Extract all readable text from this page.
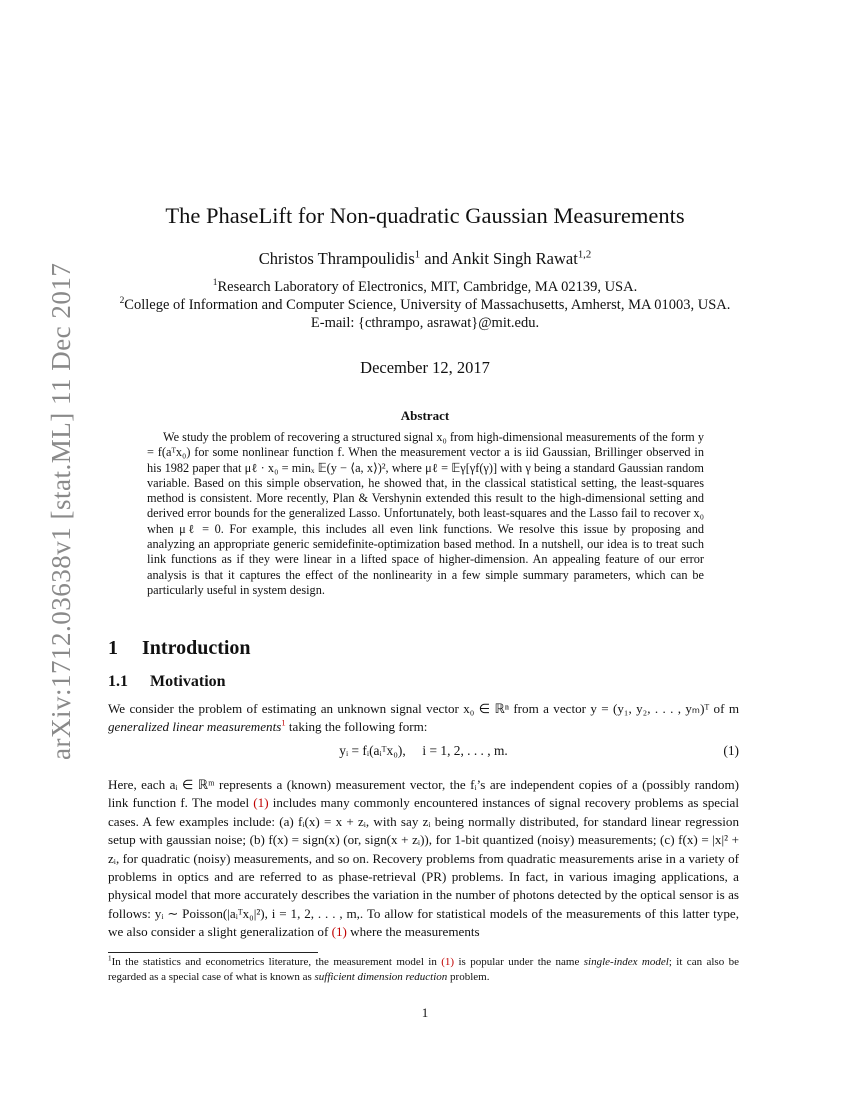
arXiv:1712.03638v1 [stat.ML] 11 Dec 2017
The PhaseLift for Non-quadratic Gaussian Measurements
Christos Thrampoulidis$^1$ and Ankit Singh Rawat$^{1,2}$
$^1$Research Laboratory of Electronics, MIT, Cambridge, MA 02139, USA.
$^2$College of Information and Computer Science, University of Massachusetts, Amherst, MA 01003, USA.
E-mail: {cthrampo, asrawat}@mit.edu.
December 12, 2017
Abstract

We study the problem of recovering a structured signal x₀ from high-dimensional measurements of the form y = f(aᵀx₀) for some nonlinear function f. When the measurement vector a is iid Gaussian, Brillinger observed in his 1982 paper that μℓ · x₀ = minₓ 𝔼(y − ⟨a, x⟩)², where μℓ = 𝔼γ[γf(γ)] with γ being a standard Gaussian random variable. Based on this simple observation, he showed that, in the classical statistical setting, the least-squares method is consistent. More recently, Plan & Vershynin extended this result to the high-dimensional setting and derived error bounds for the generalized Lasso. Unfortunately, both least-squares and the Lasso fail to recover x₀ when μℓ = 0. For example, this includes all even link functions. We resolve this issue by proposing and analyzing an appropriate generic semidefinite-optimization based method. In a nutshell, our idea is to treat such link functions as if they were linear in a lifted space of higher-dimension. An appealing feature of our error analysis is that it captures the effect of the nonlinearity in a few simple summary parameters, which can be particularly useful in system design.

1 Introduction
1.1 Motivation

We consider the problem of estimating an unknown signal vector x₀ ∈ ℝⁿ from a vector y = (y₁, y₂, . . . , yₘ)ᵀ of m generalized linear measurements$^1$ taking the following form:

yᵢ = fᵢ(aᵢᵀx₀),     i = 1, 2, . . . , m.	(1)

Here, each aᵢ ∈ ℝᵐ represents a (known) measurement vector, the fᵢ’s are independent copies of a (possibly random) link function f. The model (1) includes many commonly encountered instances of signal recovery problems as special cases. A few examples include: (a) fᵢ(x) = x + zᵢ, with say zᵢ being normally distributed, for standard linear regression setup with gaussian noise; (b) f(x) = sign(x) (or, sign(x + zᵢ)), for 1-bit quantized (noisy) measurements; (c) f(x) = |x|² + zᵢ, for quadratic (noisy) measurements, and so on. Recovery problems from quadratic measurements arise in a variety of problems in optics and are referred to as phase-retrieval (PR) problems. In fact, in various imaging applications, a physical model that more accurately describes the variation in the number of photons detected by the optical sensor is as follows: yᵢ ∼ Poisson(|aᵢᵀx₀|²), i = 1, 2, . . . , m,. To allow for statistical models of the measurements of this latter type, we also consider a slight generalization of (1) where the measurements

$^1$In the statistics and econometrics literature, the measurement model in (1) is popular under the name single-index model; it can also be regarded as a special case of what is known as sufficient dimension reduction problem.
1
